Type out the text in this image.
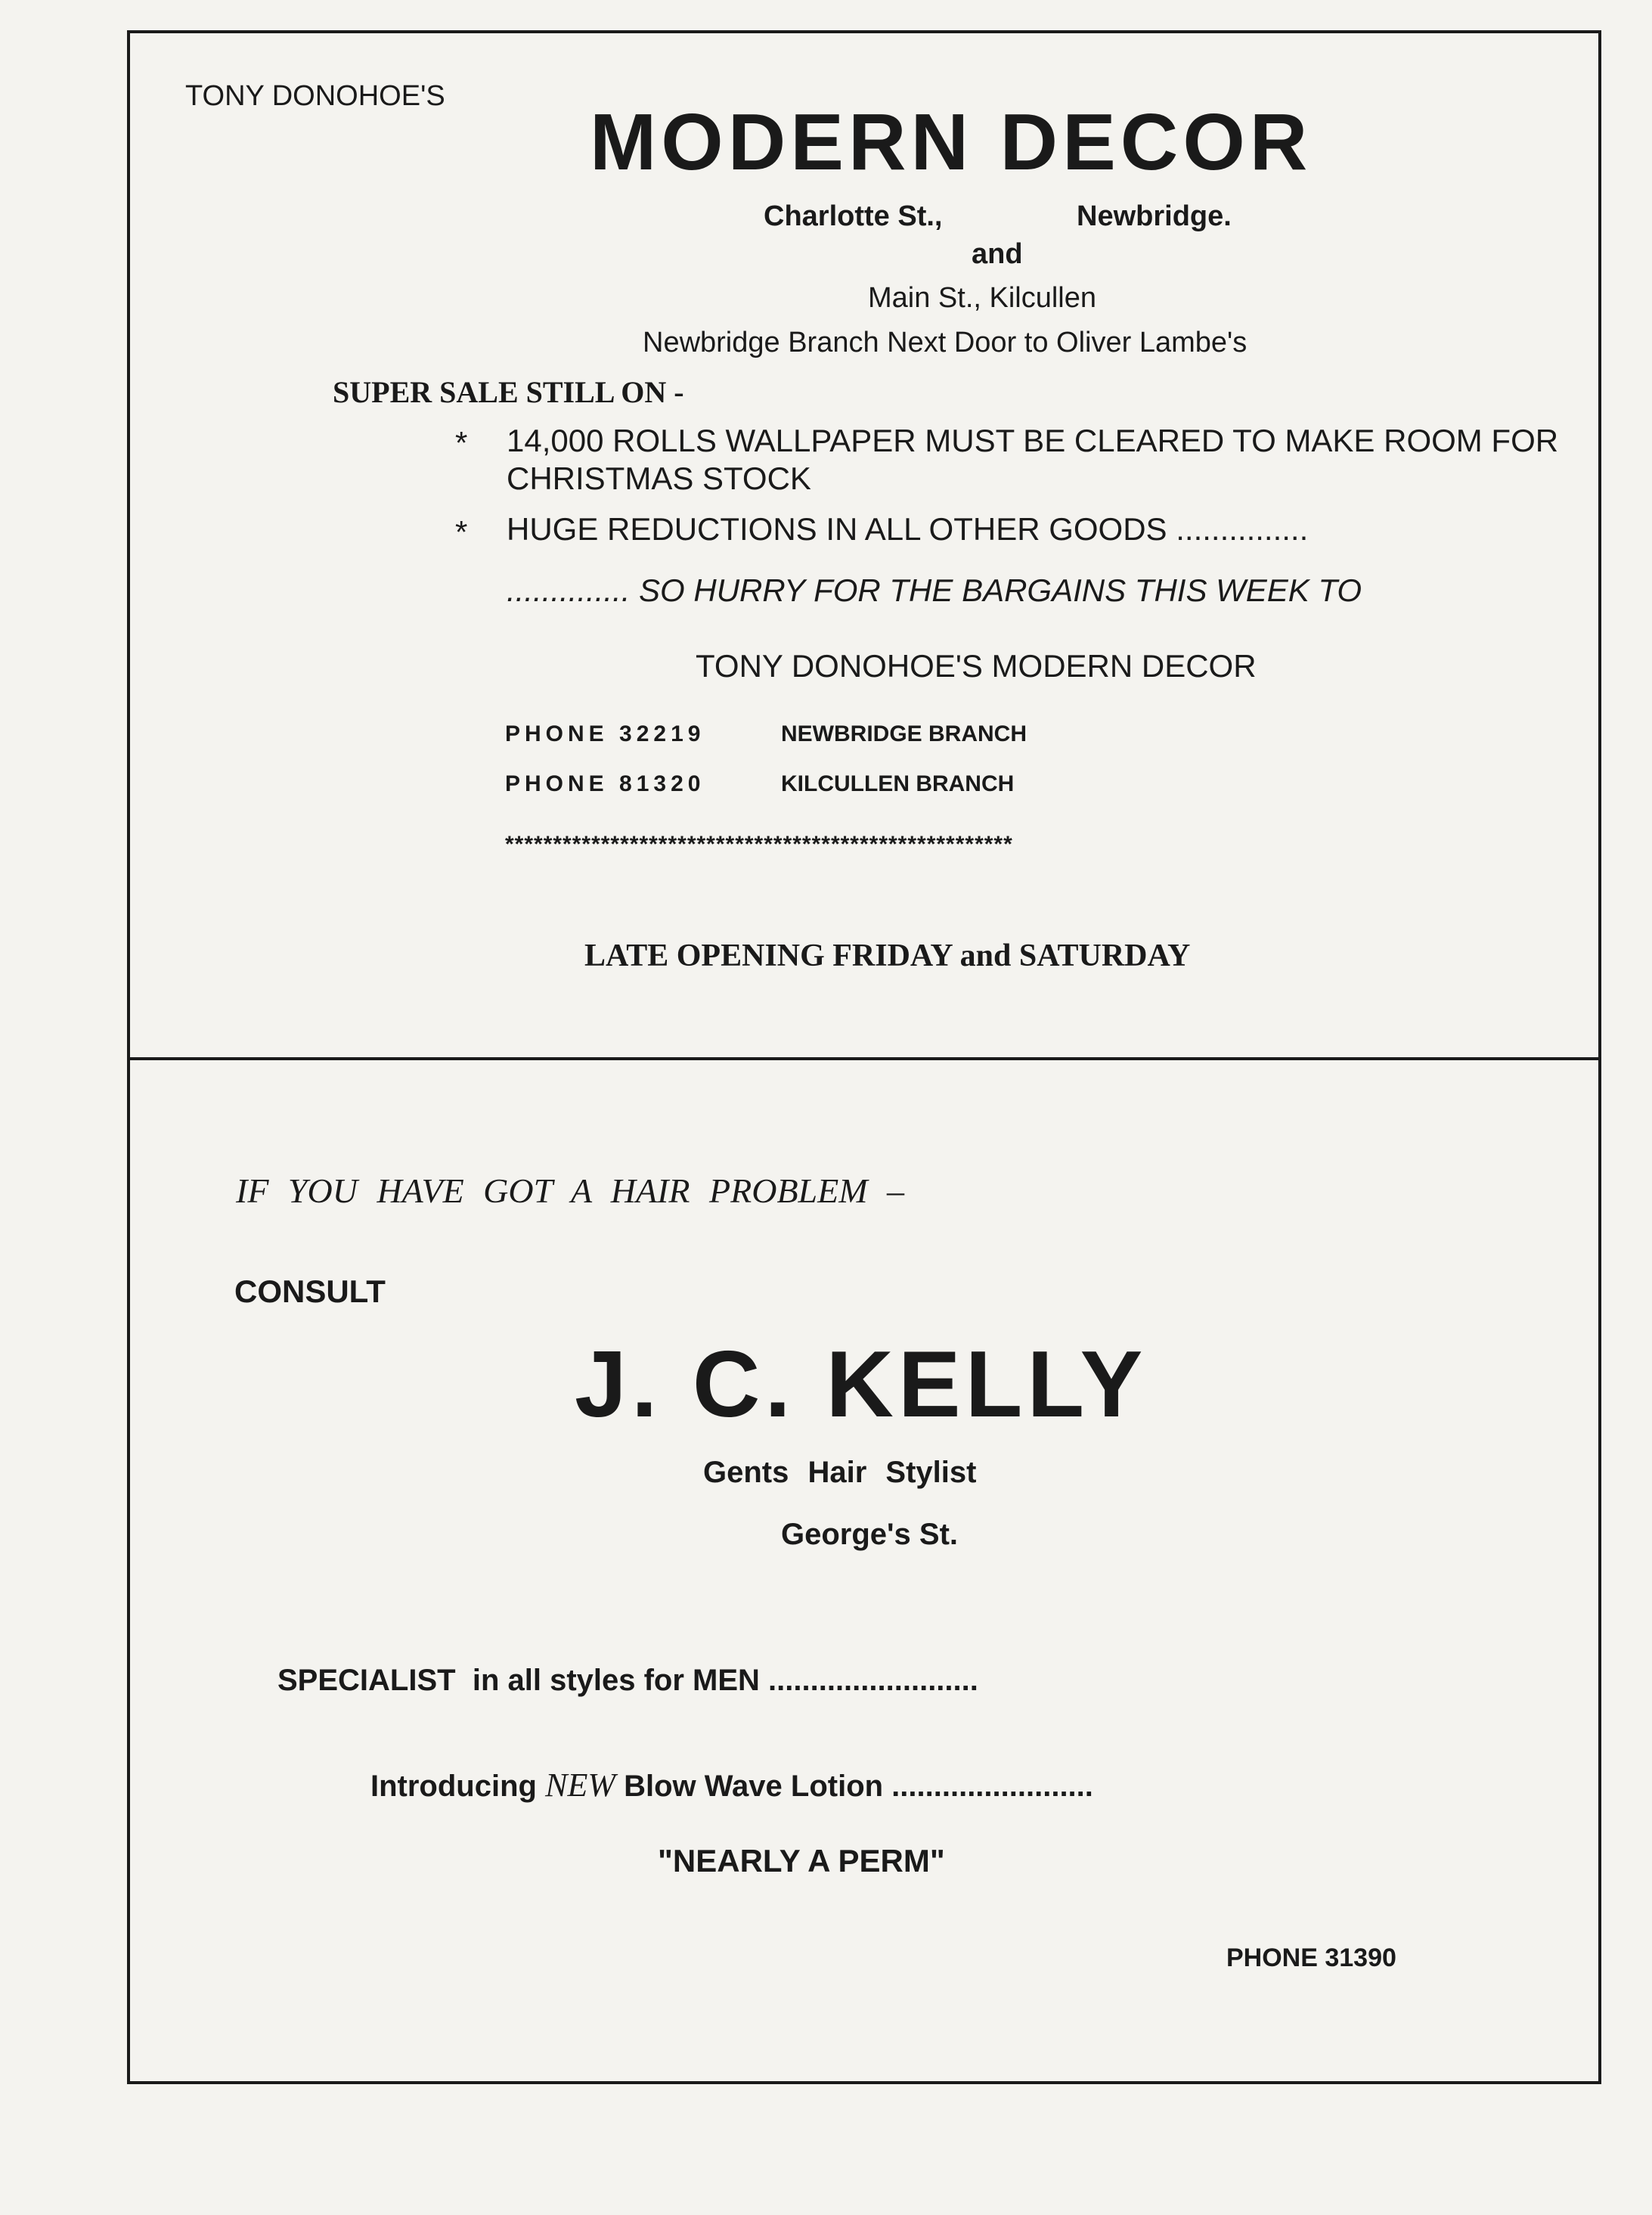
TONY DONOHOE'S
MODERN DECOR
Charlotte St.,	Newbridge.
and
Main St., Kilcullen
Newbridge Branch Next Door to Oliver Lambe's
SUPER SALE STILL ON -
* 14,000 ROLLS WALLPAPER MUST BE CLEARED TO MAKE ROOM FOR CHRISTMAS STOCK
* HUGE REDUCTIONS IN ALL OTHER GOODS ...............
.............. SO HURRY FOR THE BARGAINS THIS WEEK TO
TONY DONOHOE'S MODERN DECOR
PHONE 32219	NEWBRIDGE BRANCH
PHONE 81320	KILCULLEN BRANCH
*****************************************************
LATE OPENING FRIDAY and SATURDAY
IF YOU HAVE GOT A HAIR PROBLEM –
CONSULT
J. C. KELLY
Gents Hair Stylist
George's St.
SPECIALIST in all styles for MEN .........................
Introducing NEW Blow Wave Lotion ........................
"NEARLY A PERM"
PHONE 31390
